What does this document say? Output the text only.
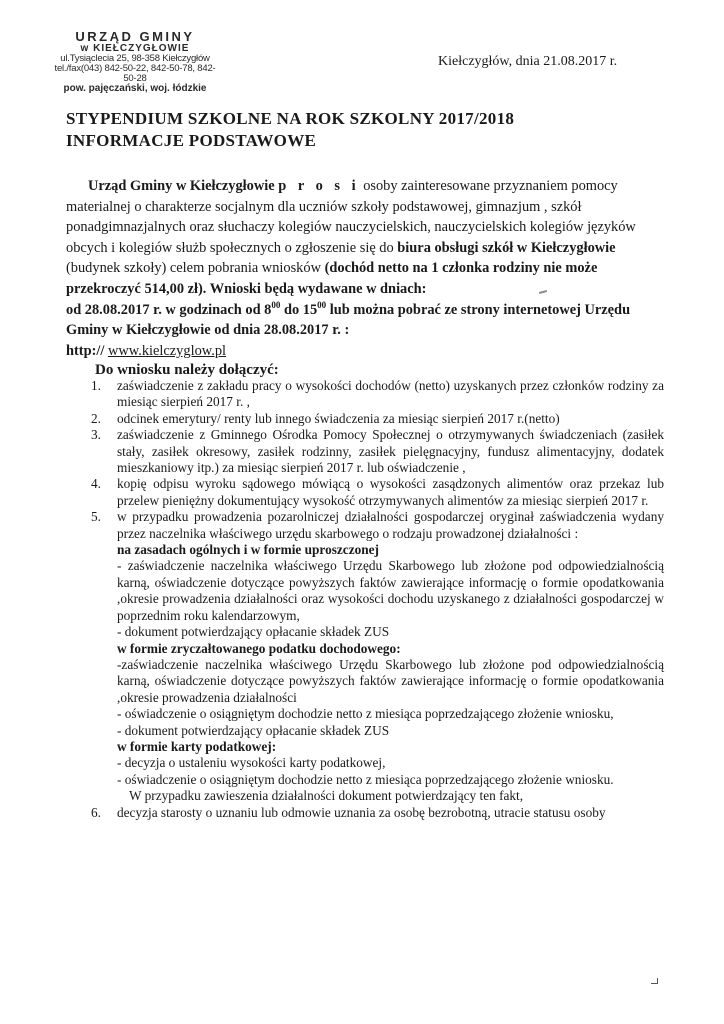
URZĄD GMINY
w KIEŁCZYGŁOWIE
ul.Tysiąclecia 25, 98-358 Kiełczygłów
tel./fax(043) 842-50-22, 842-50-78, 842-50-28
pow. pajęczański, woj. łódzkie
Kiełczygłów, dnia 21.08.2017 r.
STYPENDIUM SZKOLNE NA ROK SZKOLNY 2017/2018
INFORMACJE PODSTAWOWE
Urząd Gminy w Kiełczygłowie p r o s i osoby zainteresowane przyznaniem pomocy materialnej o charakterze socjalnym dla uczniów szkoły podstawowej, gimnazjum , szkół ponadgimnazjalnych oraz słuchaczy kolegiów nauczycielskich, nauczycielskich kolegiów języków obcych i kolegiów służb społecznych o zgłoszenie się do biura obsługi szkół w Kiełczygłowie (budynek szkoły) celem pobrania wniosków (dochód netto na 1 członka rodziny nie może przekroczyć 514,00 zł). Wnioski będą wydawane w dniach:
od 28.08.2017 r. w godzinach od $8^{00}$ do $15^{00}$ lub można pobrać ze strony internetowej Urzędu Gminy w Kiełczygłowie od dnia 28.08.2017 r. :
http:// www.kielczyglow.pl
Do wniosku należy dołączyć:
1.	zaświadczenie z zakładu pracy o wysokości dochodów (netto) uzyskanych przez członków rodziny za miesiąc sierpień 2017 r. ,
2.	odcinek emerytury/ renty lub innego świadczenia za miesiąc sierpień 2017 r.(netto)
3.	zaświadczenie z Gminnego Ośrodka Pomocy Społecznej o otrzymywanych świadczeniach (zasiłek stały, zasiłek okresowy, zasiłek rodzinny, zasiłek pielęgnacyjny, fundusz alimentacyjny, dodatek mieszkaniowy itp.) za miesiąc sierpień 2017 r. lub oświadczenie ,
4.	kopię odpisu wyroku sądowego mówiącą o wysokości zasądzonych alimentów oraz przekaz lub przelew pieniężny dokumentujący wysokość otrzymywanych alimentów za miesiąc sierpień 2017 r.
5.	w przypadku prowadzenia pozarolniczej działalności gospodarczej oryginał zaświadczenia wydany przez naczelnika właściwego urzędu skarbowego o rodzaju prowadzonej działalności :
na zasadach ogólnych i w formie uproszczonej
- zaświadczenie naczelnika właściwego Urzędu Skarbowego lub złożone pod odpowiedzialnością karną, oświadczenie dotyczące powyższych faktów zawierające informację o formie opodatkowania ,okresie prowadzenia działalności oraz wysokości dochodu uzyskanego z działalności gospodarczej w poprzednim roku kalendarzowym,
- dokument potwierdzający opłacanie składek ZUS
w formie zryczałtowanego podatku dochodowego:
-zaświadczenie naczelnika właściwego Urzędu Skarbowego lub złożone pod odpowiedzialnością karną, oświadczenie dotyczące powyższych faktów zawierające informację o formie opodatkowania ,okresie prowadzenia działalności
- oświadczenie o osiągniętym dochodzie netto z miesiąca poprzedzającego złożenie wniosku,
- dokument potwierdzający opłacanie składek ZUS
w formie karty podatkowej:
- decyzja o ustaleniu wysokości karty podatkowej,
- oświadczenie o osiągniętym dochodzie netto z miesiąca poprzedzającego złożenie wniosku.
W przypadku zawieszenia działalności dokument potwierdzający ten fakt,
6.	decyzja starosty o uznaniu lub odmowie uznania za osobę bezrobotną, utracie statusu osoby
